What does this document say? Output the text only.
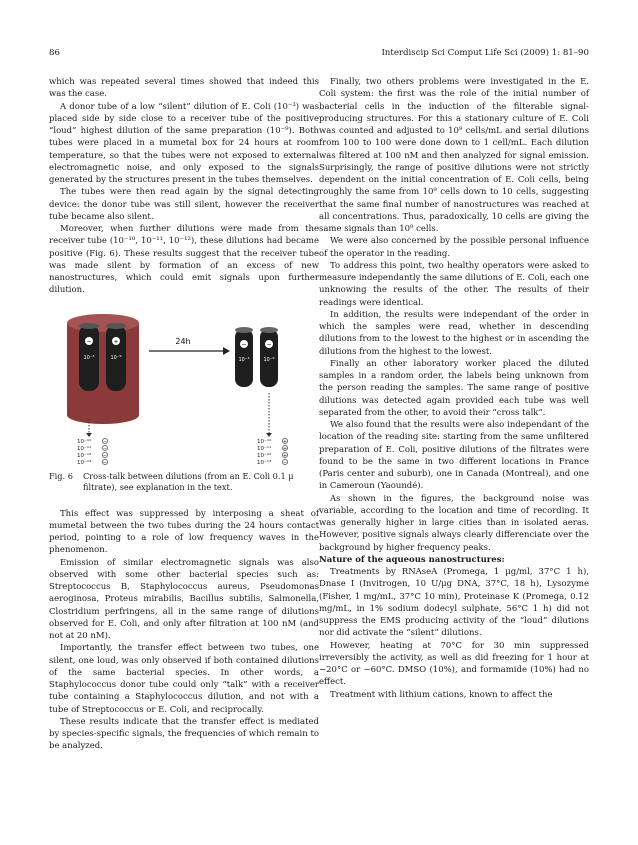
86	Interdiscip Sci Comput Life Sci (2009) 1: 81–90

which was repeated several times showed that indeed this was the case.

A donor tube of a low “silent” dilution of E. Coli (10⁻³) was placed side by side close to a receiver tube of the positive “loud” highest dilution of the same preparation (10⁻⁹). Both tubes were placed in a mumetal box for 24 hours at room temperature, so that the tubes were not exposed to external electromagnetic noise, and only exposed to the signals generated by the structures present in the tubes themselves.

The tubes were then read again by the signal detecting device: the donor tube was still silent, however the receiver tube became also silent.

Moreover, when further dilutions were made from the receiver tube (10⁻¹⁰, 10⁻¹¹, 10⁻¹²), these dilutions had became positive (Fig. 6). These results suggest that the receiver tube was made silent by formation of an excess of new nanostructures, which could emit signals upon further dilution.

−
10⁻³
+
10⁻⁹
24h	−
10⁻³
−
10⁻⁹
10⁻¹⁰ −
10⁻¹¹ −
10⁻¹² −
10⁻¹³ −
10⁻¹⁰ +
10⁻¹¹ +
10⁻¹² +
10⁻¹³ −
Fig. 6	Cross-talk between dilutions (from an E. Coli 0.1 μ filtrate), see explanation in the text.

This effect was suppressed by interposing a sheat of mumetal between the two tubes during the 24 hours contact period, pointing to a role of low frequency waves in the phenomenon.

Emission of similar electromagnetic signals was also observed with some other bacterial species such as: Streptococcus B, Staphylococcus aureus, Pseudomonas aeroginosa, Proteus mirabilis, Bacillus subtilis, Salmonella, Clostridium perfringens, all in the same range of dilutions observed for E. Coli, and only after filtration at 100 nM (and not at 20 nM).

Importantly, the transfer effect between two tubes, one silent, one loud, was only observed if both contained dilutions of the same bacterial species. In other words, a Staphylococcus donor tube could only “talk” with a receiver tube containing a Staphylococcus dilution, and not with a tube of Streptococcus or E. Coli, and reciprocally.

These results indicate that the transfer effect is mediated by species-specific signals, the frequencies of which remain to be analyzed.

Finally, two others problems were investigated in the E. Coli system: the first was the role of the initial number of bacterial cells in the induction of the filterable signal-producing structures. For this a stationary culture of E. Coli was counted and adjusted to 10⁹ cells/mL and serial dilutions from 100 to 100 were done down to 1 cell/mL. Each dilution was filtered at 100 nM and then analyzed for signal emission. Surprisingly, the range of positive dilutions were not strictly dependent on the initial concentration of E. Coli cells, being roughly the same from 10⁹ cells down to 10 cells, suggesting that the same final number of nanostructures was reached at all concentrations. Thus, paradoxically, 10 cells are giving the same signals than 10⁹ cells.

We were also concerned by the possible personal influence of the operator in the reading.

To address this point, two healthy operators were asked to measure independantly the same dilutions of E. Coli, each one unknowing the results of the other. The results of their readings were identical.

In addition, the results were independant of the order in which the samples were read, whether in descending dilutions from to the lowest to the highest or in ascending the dilutions from the highest to the lowest.

Finally an other laboratory worker placed the diluted samples in a random order, the labels being unknown from the person reading the samples. The same range of positive dilutions was detected again provided each tube was well separated from the other, to avoid their “cross talk”.

We also found that the results were also independant of the location of the reading site: starting from the same unfiltered preparation of E. Coli, positive dilutions of the filtrates were found to be the same in two different locations in France (Paris center and suburb), one in Canada (Montreal), and one in Cameroun (Yaoundé).

As shown in the figures, the background noise was variable, according to the location and time of recording. It was generally higher in large cities than in isolated aeras. However, positive signals always clearly differenciate over the background by higher frequency peaks.

Nature of the aqueous nanostructures:

Treatments by RNAseA (Promega, 1 μg/ml, 37°C 1 h), Dnase I (Invitrogen, 10 U/μg DNA, 37°C, 18 h), Lysozyme (Fisher, 1 mg/mL, 37°C 10 min), Proteinase K (Promega, 0.12 mg/mL, in 1% sodium dodecyl sulphate, 56°C 1 h) did not suppress the EMS producing activity of the “loud” dilutions nor did activate the “silent” dilutions.

However, heating at 70°C for 30 min suppressed irreversibly the activity, as well as did freezing for 1 hour at −20°C or −60°C. DMSO (10%), and formamide (10%) had no effect.

Treatment with lithium cations, known to affect the
